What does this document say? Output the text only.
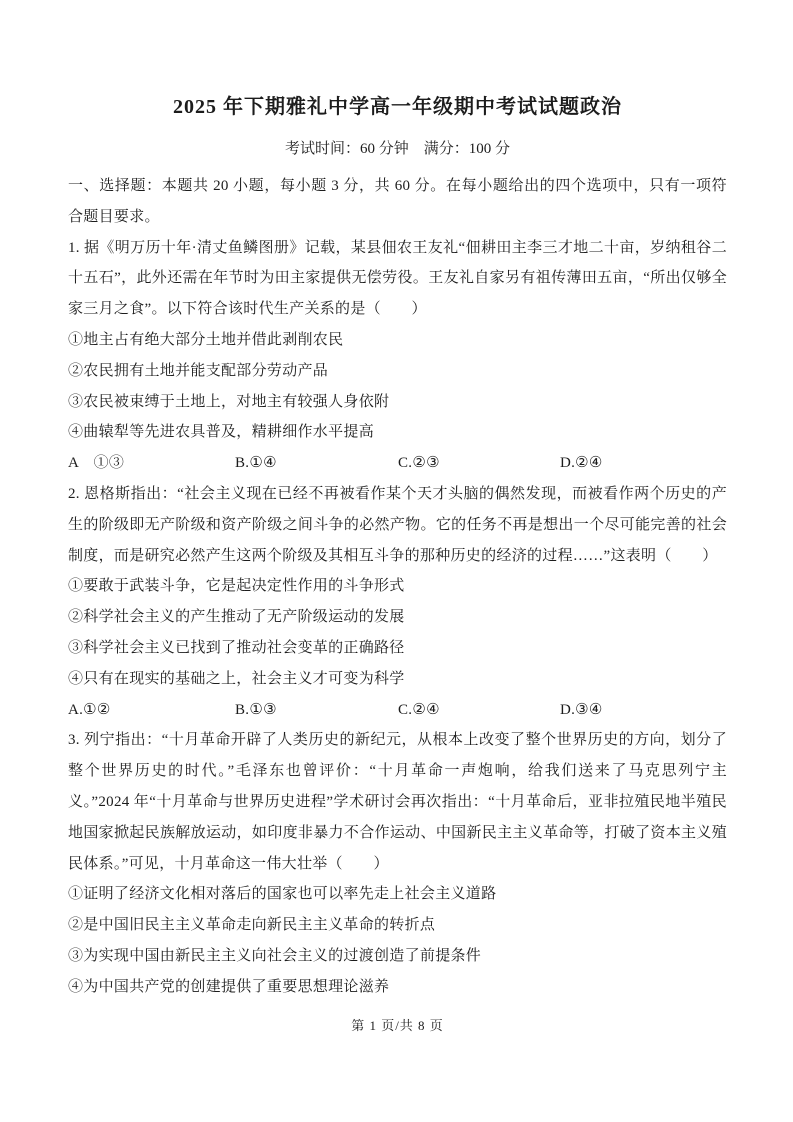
2025 年下期雅礼中学高一年级期中考试试题政治
考试时间：60 分钟　满分：100 分

一、选择题：本题共 20 小题，每小题 3 分，共 60 分。在每小题给出的四个选项中，只有一项符合题目要求。

1. 据《明万历十年·清丈鱼鳞图册》记载，某县佃农王友礼“佃耕田主李三才地二十亩，岁纳租谷二十五石”，此外还需在年节时为田主家提供无偿劳役。王友礼自家另有祖传薄田五亩，“所出仅够全家三月之食”。以下符合该时代生产关系的是（　　）

①地主占有绝大部分土地并借此剥削农民

②农民拥有土地并能支配部分劳动产品

③农民被束缚于土地上，对地主有较强人身依附

④曲辕犁等先进农具普及，精耕细作水平提高

A　①③	B.①④	C.②③	D.②④

2. 恩格斯指出：“社会主义现在已经不再被看作某个天才头脑的偶然发现，而被看作两个历史的产生的阶级即无产阶级和资产阶级之间斗争的必然产物。它的任务不再是想出一个尽可能完善的社会制度，而是研究必然产生这两个阶级及其相互斗争的那种历史的经济的过程……”这表明（　　）

①要敢于武装斗争，它是起决定性作用的斗争形式

②科学社会主义的产生推动了无产阶级运动的发展

③科学社会主义已找到了推动社会变革的正确路径

④只有在现实的基础之上，社会主义才可变为科学

A.①②	B.①③	C.②④	D.③④

3. 列宁指出：“十月革命开辟了人类历史的新纪元，从根本上改变了整个世界历史的方向，划分了整个世界历史的时代。”毛泽东也曾评价：“十月革命一声炮响，给我们送来了马克思列宁主义。”2024 年“十月革命与世界历史进程”学术研讨会再次指出：“十月革命后，亚非拉殖民地半殖民地国家掀起民族解放运动，如印度非暴力不合作运动、中国新民主主义革命等，打破了资本主义殖民体系。”可见，十月革命这一伟大壮举（　　）

①证明了经济文化相对落后的国家也可以率先走上社会主义道路

②是中国旧民主主义革命走向新民主主义革命的转折点

③为实现中国由新民主主义向社会主义的过渡创造了前提条件

④为中国共产党的创建提供了重要思想理论滋养

第 1 页/共 8 页
